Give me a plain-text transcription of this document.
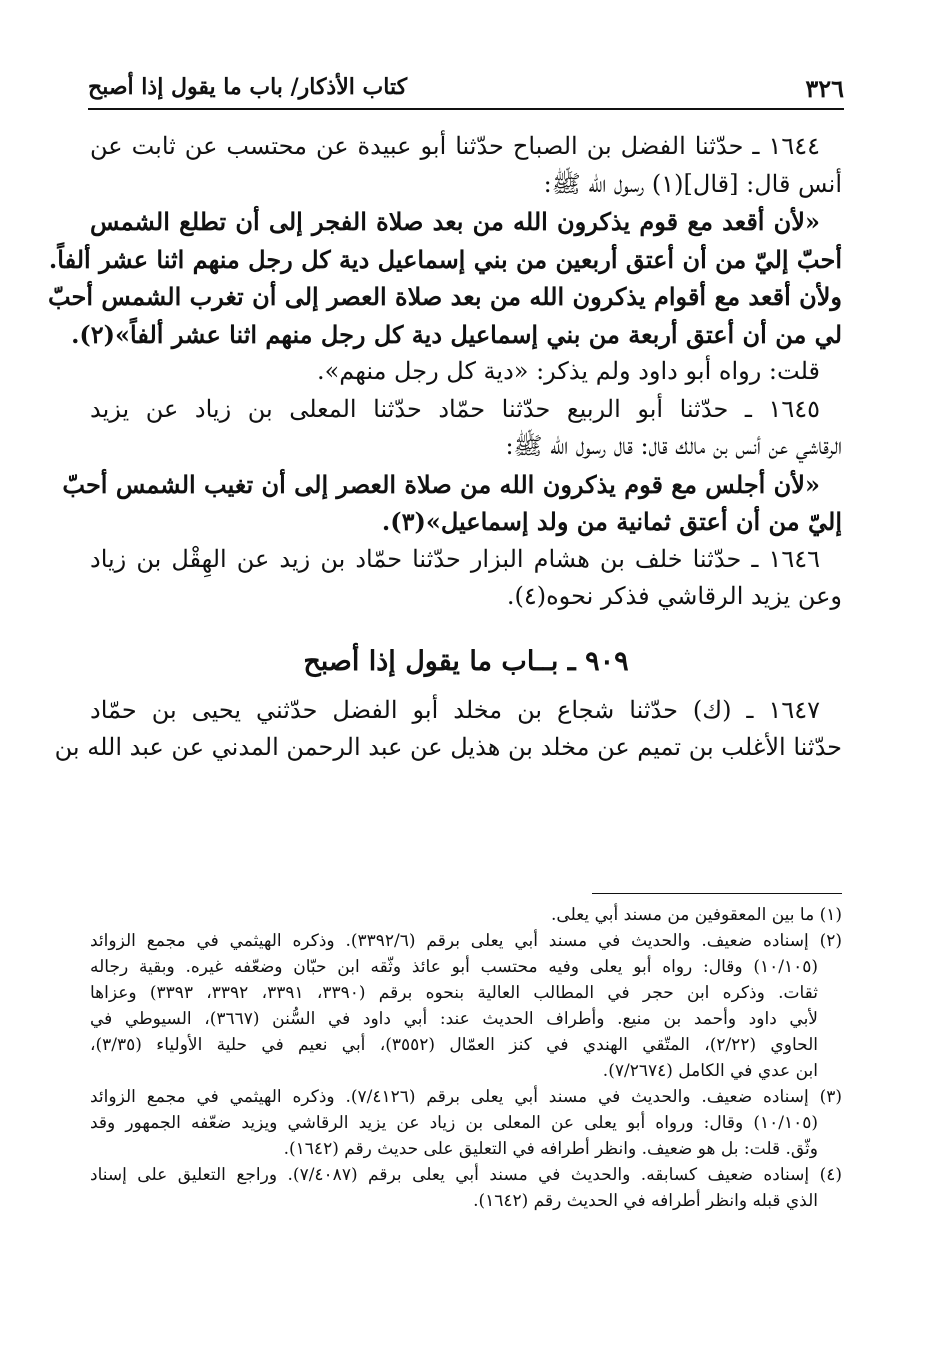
٣٢٦
كتاب الأذكار/ باب ما يقول إذا أصبح
١٦٤٤ ـ حدّثنا الفضل بن الصباح حدّثنا أبو عبيدة عن محتسب عن ثابت عن
أنس قال: [قال](١) رسول الله ﷺ:
«لأن أقعد مع قوم يذكرون الله من بعد صلاة الفجر إلى أن تطلع الشمس
أحبّ إليّ من أن أعتق أربعين من بني إسماعيل دية كل رجل منهم اثنا عشر ألفاً.
ولأن أقعد مع أقوام يذكرون الله من بعد صلاة العصر إلى أن تغرب الشمس أحبّ
لي من أن أعتق أربعة من بني إسماعيل دية كل رجل منهم اثنا عشر ألفاً»(٢).
قلت: رواه أبو داود ولم يذكر: «دية كل رجل منهم».
١٦٤٥ ـ حدّثنا أبو الربيع حدّثنا حمّاد حدّثنا المعلى بن زياد عن يزيد
الرقاشي عن أنس بن مالك قال: قال رسول الله ﷺ:
«لأن أجلس مع قوم يذكرون الله من صلاة العصر إلى أن تغيب الشمس أحبّ
إليّ من أن أعتق ثمانية من ولد إسماعيل»(٣).
١٦٤٦ ـ حدّثنا خلف بن هشام البزار حدّثنا حمّاد بن زيد عن الهِقْل بن زياد
وعن يزيد الرقاشي فذكر نحوه(٤).
٩٠٩ ـ بــاب ما يقول إذا أصبح
١٦٤٧ ـ (ك) حدّثنا شجاع بن مخلد أبو الفضل حدّثني يحيى بن حمّاد
حدّثنا الأغلب بن تميم عن مخلد بن هذيل عن عبد الرحمن المدني عن عبد الله بن
(١) ما بين المعقوفين من مسند أبي يعلى.
(٢) إسناده ضعيف. والحديث في مسند أبي يعلى برقم (٣٣٩٢/٦). وذكره الهيثمي في مجمع الزوائد
(١٠/١٠٥) وقال: رواه أبو يعلى وفيه محتسب أبو عائذ وثّقه ابن حبّان وضعّفه غيره. وبقية رجاله
ثقات. وذكره ابن حجر في المطالب العالية بنحوه برقم (٣٣٩٠، ٣٣٩١، ٣٣٩٢، ٣٣٩٣) وعزاها
لأبي داود وأحمد بن منيع. وأطراف الحديث عند: أبي داود في السُّنن (٣٦٦٧)، السيوطي في
الحاوي (٢/٢٢)، المتّقي الهندي في كنز العمّال (٣٥٥٢)، أبي نعيم في حلية الأولياء (٣/٣٥)،
ابن عدي في الكامل (٧/٢٦٧٤).
(٣) إسناده ضعيف. والحديث في مسند أبي يعلى برقم (٧/٤١٢٦). وذكره الهيثمي في مجمع الزوائد
(١٠/١٠٥) وقال: ورواه أبو يعلى عن المعلى بن زياد عن يزيد الرقاشي ويزيد ضعّفه الجمهور وقد
وثّق. قلت: بل هو ضعيف. وانظر أطرافه في التعليق على حديث رقم (١٦٤٢).
(٤) إسناده ضعيف كسابقه. والحديث في مسند أبي يعلى برقم (٧/٤٠٨٧). وراجع التعليق على إسناد
الذي قبله وانظر أطرافه في الحديث رقم (١٦٤٢).
